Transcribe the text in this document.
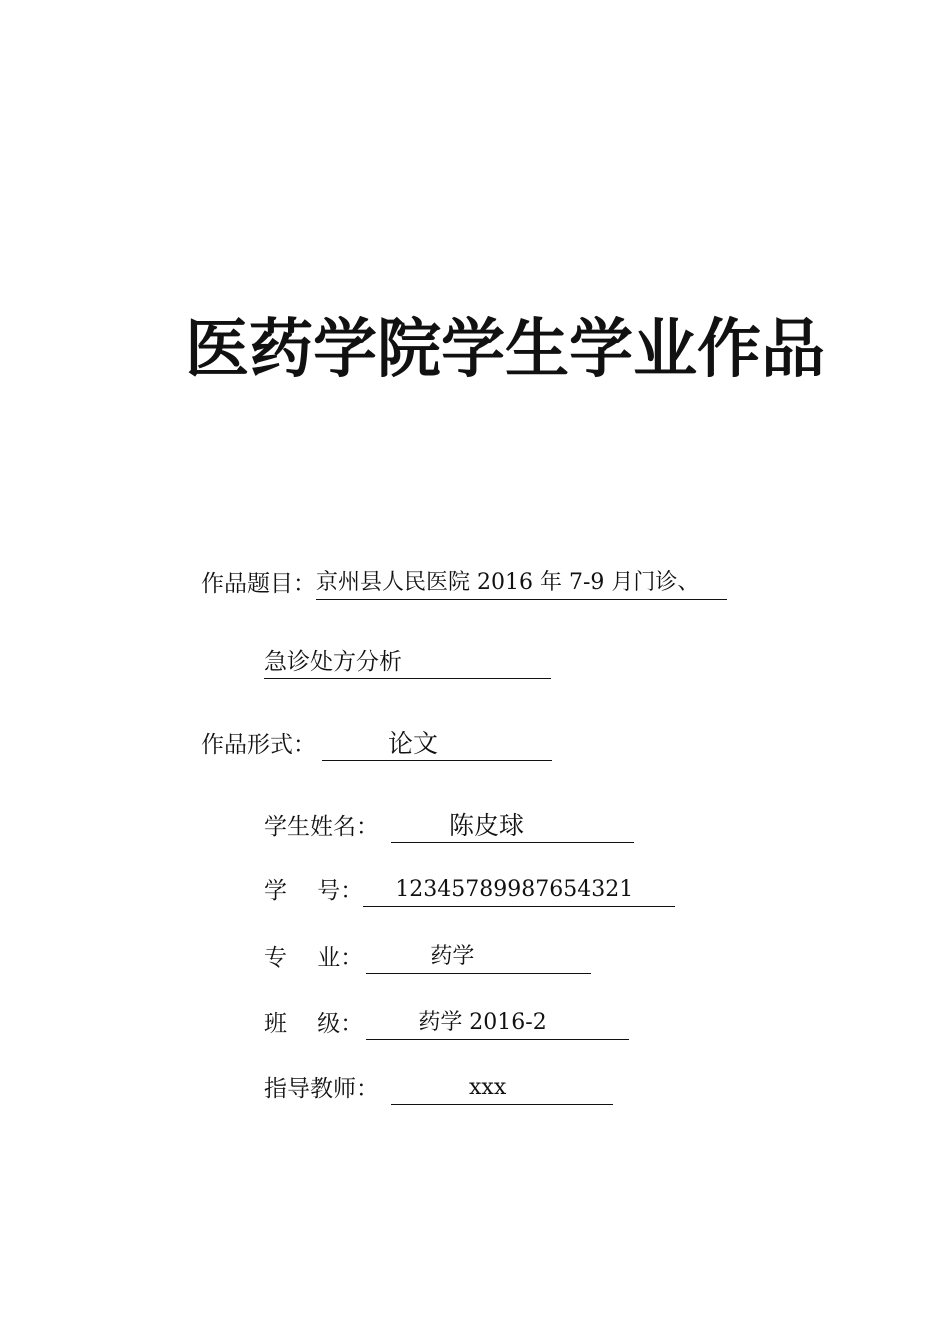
医药学院学生学业作品
作品题目： 京州县人民医院 2016 年 7-9 月门诊、
急诊处方分析
作品形式：	论文
学生姓名：	陈皮球
学　 号： 12345789987654321
专　 业：	药学
班　 级：	药学 2016-2
指导教师：	xxx
